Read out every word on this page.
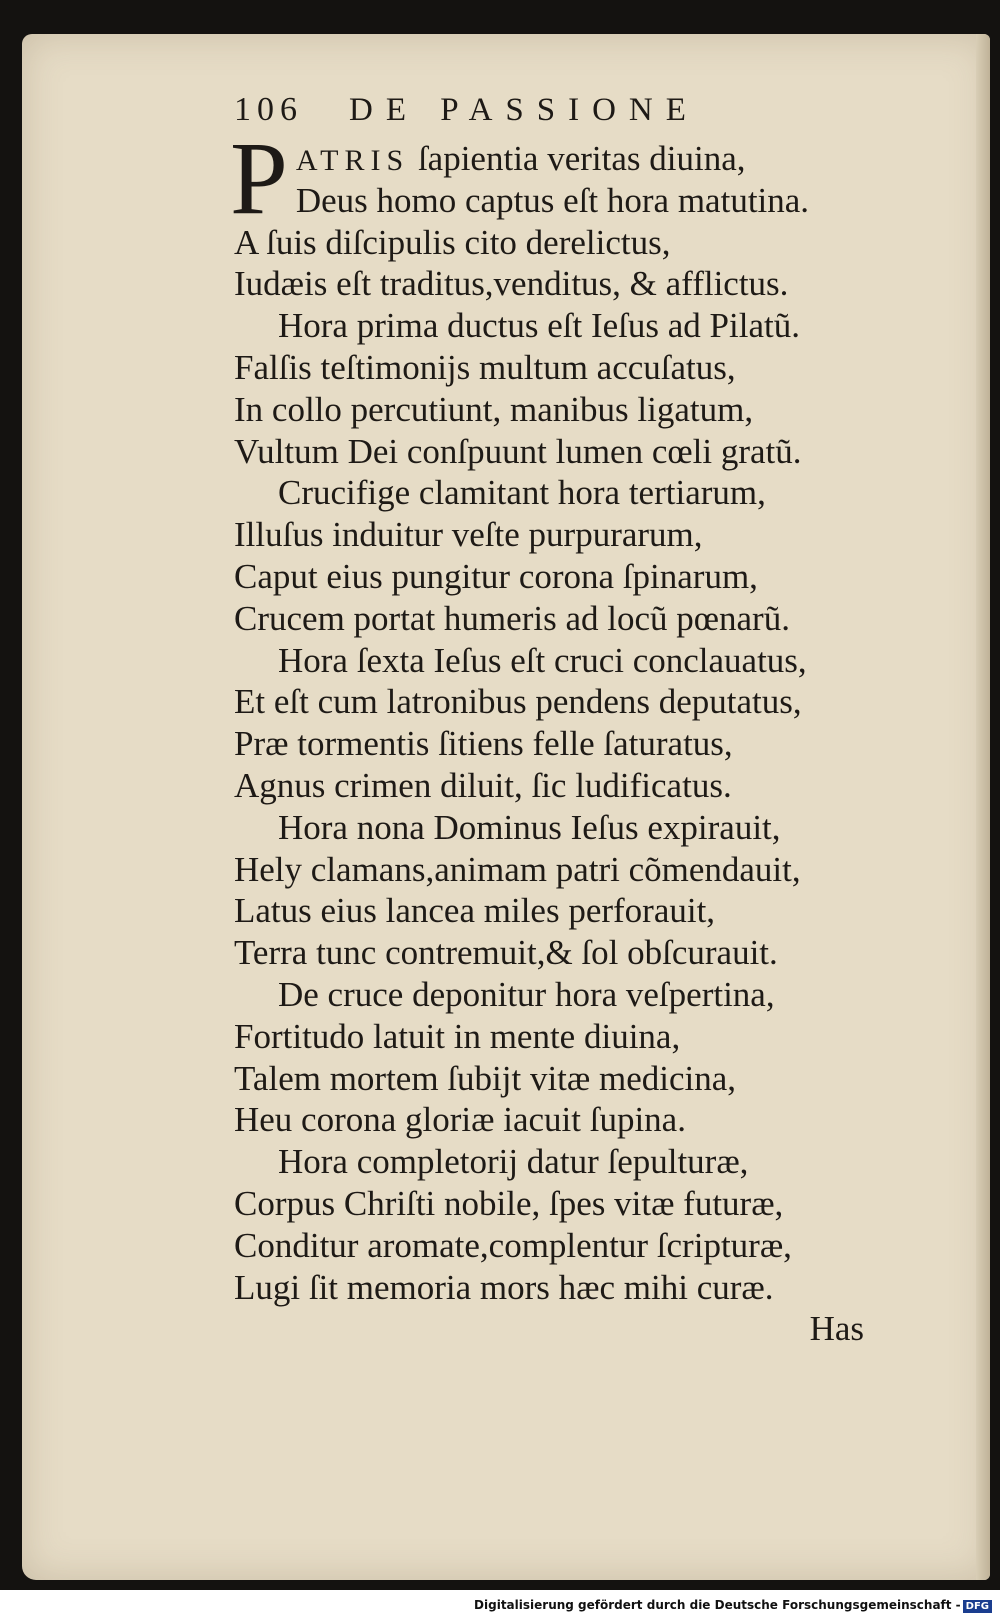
106 DE PASSIONE
PATRIS ſapientia veritas diuina,
Deus homo captus eſt hora matutina.
A ſuis diſcipulis cito derelictus,
Iudæis eſt traditus,venditus, & afflictus.
Hora prima ductus eſt Ieſus ad Pilatũ.
Falſis teſtimonijs multum accuſatus,
In collo percutiunt, manibus ligatum,
Vultum Dei conſpuunt lumen cœli gratũ.
Crucifige clamitant hora tertiarum,
Illuſus induitur veſte purpurarum,
Caput eius pungitur corona ſpinarum,
Crucem portat humeris ad locũ pœnarũ.
Hora ſexta Ieſus eſt cruci conclauatus,
Et eſt cum latronibus pendens deputatus,
Præ tormentis ſitiens felle ſaturatus,
Agnus crimen diluit, ſic ludificatus.
Hora nona Dominus Ieſus expirauit,
Hely clamans,animam patri cõmendauit,
Latus eius lancea miles perforauit,
Terra tunc contremuit,& ſol obſcurauit.
De cruce deponitur hora veſpertina,
Fortitudo latuit in mente diuina,
Talem mortem ſubijt vitæ medicina,
Heu corona gloriæ iacuit ſupina.
Hora completorij datur ſepulturæ,
Corpus Chriſti nobile, ſpes vitæ futuræ,
Conditur aromate,complentur ſcripturæ,
Lugi ſit memoria mors hæc mihi curæ.
Has
Digitalisierung gefördert durch die Deutsche Forschungsgemeinschaft - DFG
